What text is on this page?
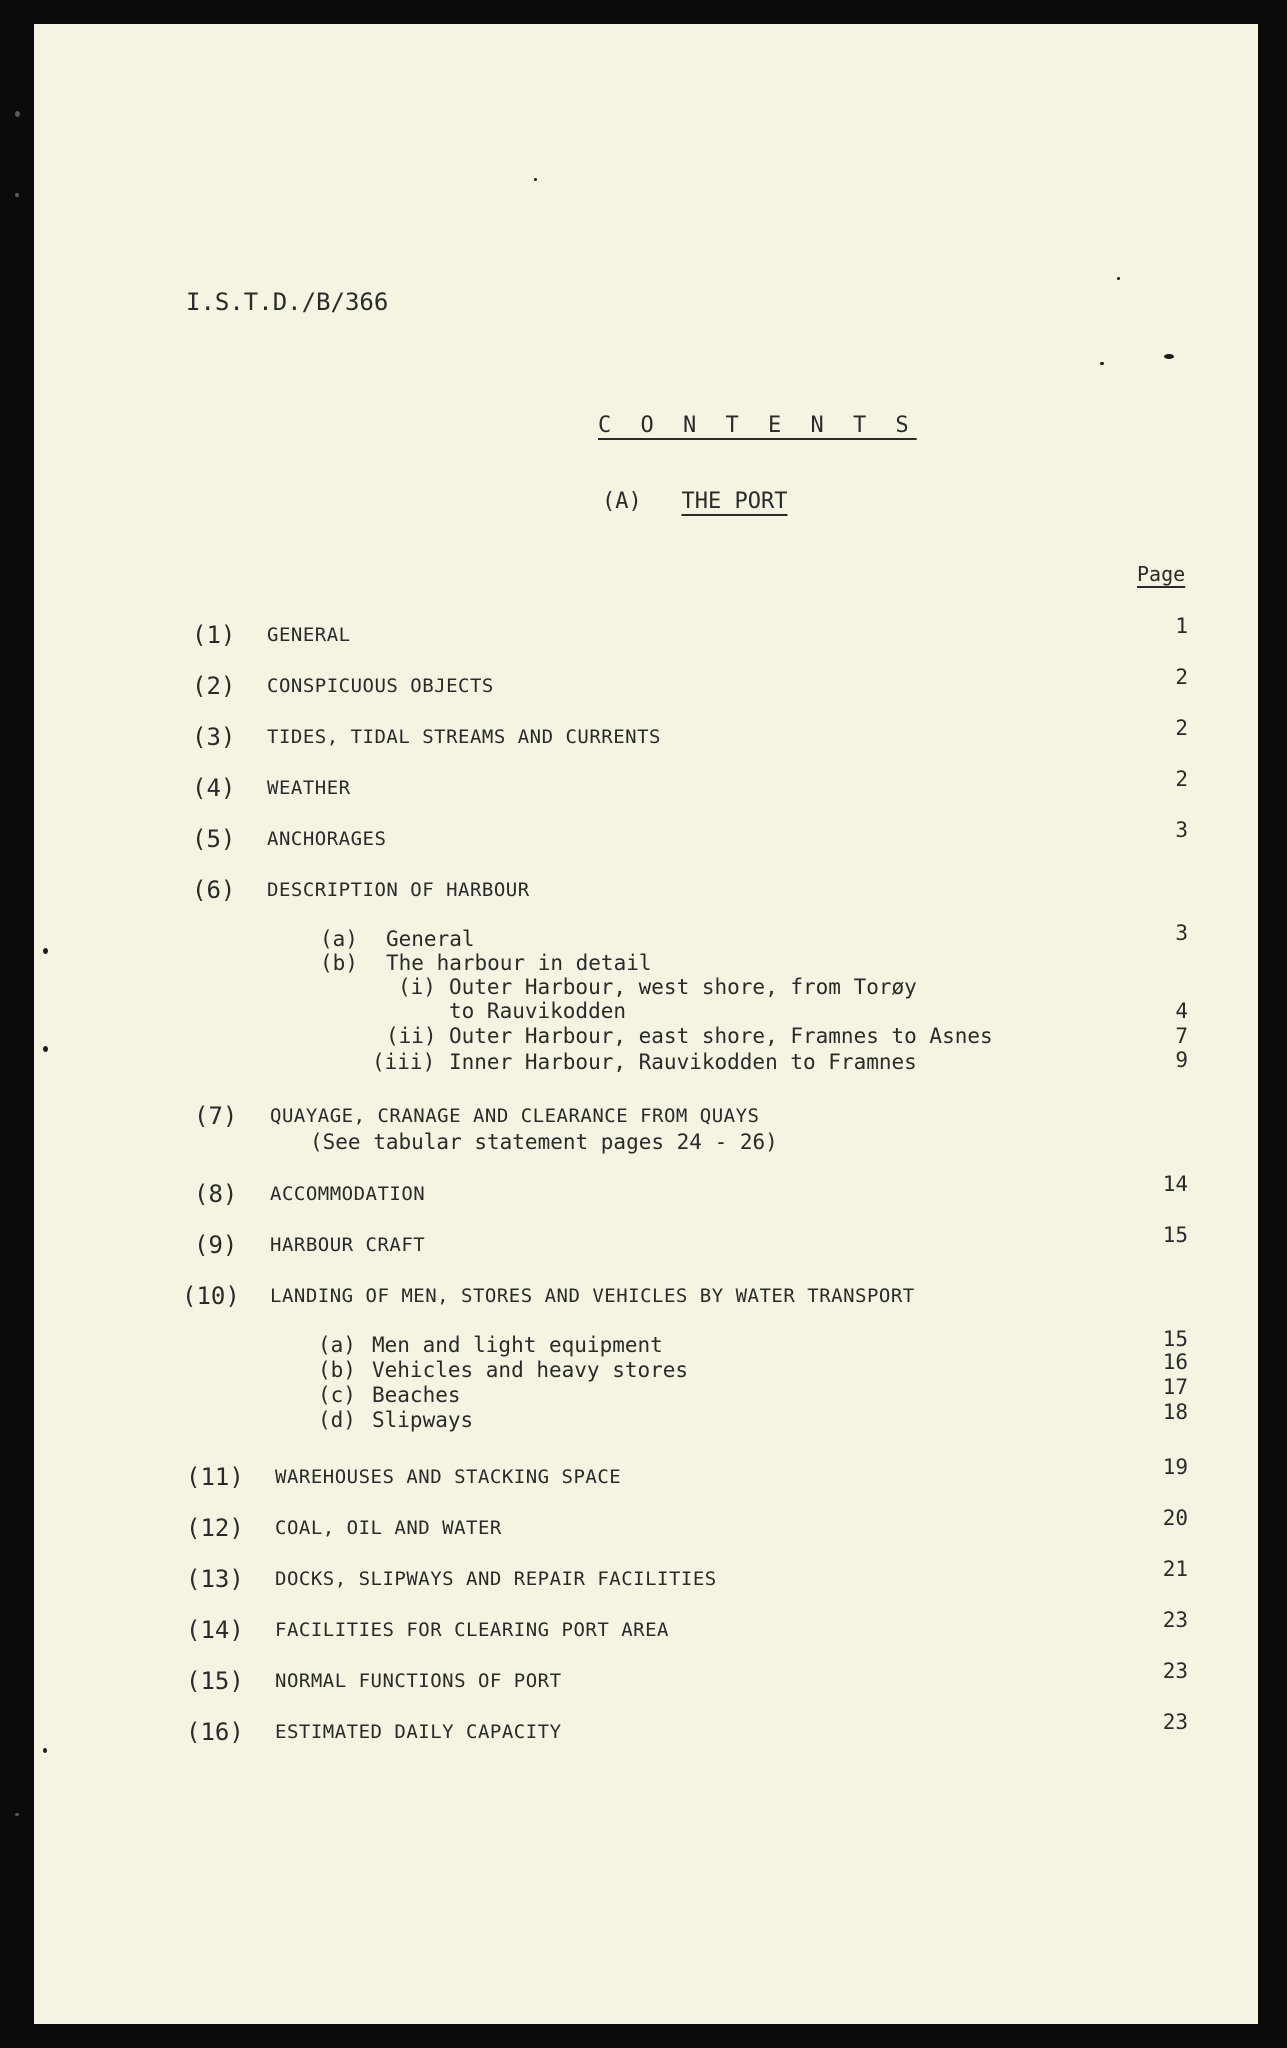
I.S.T.D./B/366
C O N T E N T S
(A) THE PORT
Page
(1) GENERAL	1
(2) CONSPICUOUS OBJECTS	2
(3) TIDES, TIDAL STREAMS AND CURRENTS	2
(4) WEATHER	2
(5) ANCHORAGES	3
(6) DESCRIPTION OF HARBOUR
(a) General	3
(b) The harbour in detail
(i) Outer Harbour, west shore, from Torøy
to Rauvikodden	4
(ii) Outer Harbour, east shore, Framnes to Asnes	7
(iii) Inner Harbour, Rauvikodden to Framnes	9
(7) QUAYAGE, CRANAGE AND CLEARANCE FROM QUAYS
(See tabular statement pages 24 - 26)
(8) ACCOMMODATION	14
(9) HARBOUR CRAFT	15
(10) LANDING OF MEN, STORES AND VEHICLES BY WATER TRANSPORT
(a) Men and light equipment	15
(b) Vehicles and heavy stores	16
(c) Beaches	17
(d) Slipways	18
(11) WAREHOUSES AND STACKING SPACE	19
(12) COAL, OIL AND WATER	20
(13) DOCKS, SLIPWAYS AND REPAIR FACILITIES	21
(14) FACILITIES FOR CLEARING PORT AREA	23
(15) NORMAL FUNCTIONS OF PORT	23
(16) ESTIMATED DAILY CAPACITY	23
